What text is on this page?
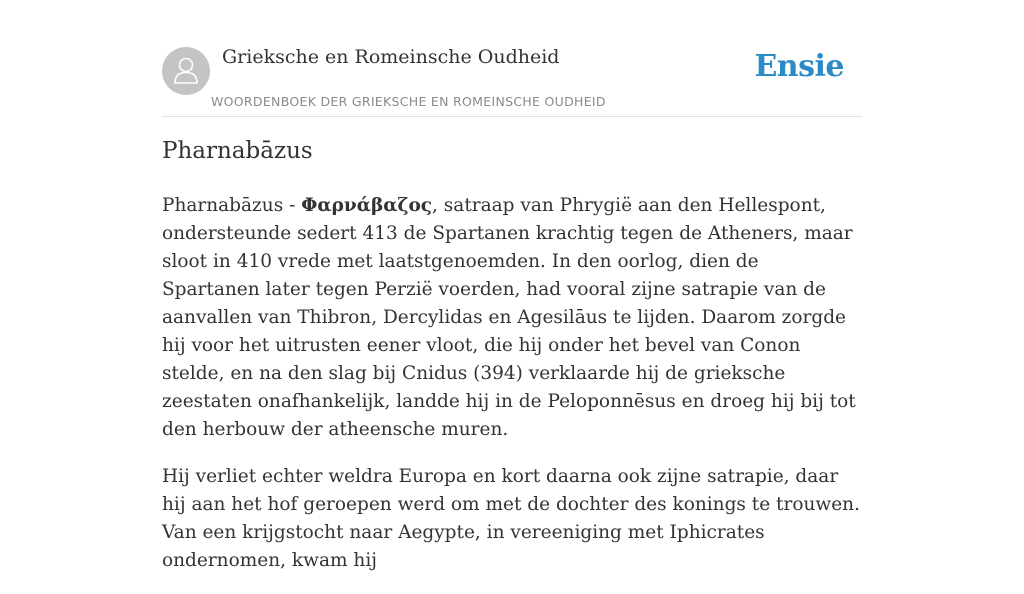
Grieksche en Romeinsche Oudheid
WOORDENBOEK DER GRIEKSCHE EN ROMEINSCHE OUDHEID
Ensie
Pharnabāzus

Pharnabāzus - Φαρνάβαζος, satraap van Phrygië aan den Hellespont, ondersteunde sedert 413 de Spartanen krachtig tegen de Atheners, maar sloot in 410 vrede met laatstgenoemden. In den oorlog, dien de Spartanen later tegen Perzië voerden, had vooral zijne satrapie van de aanvallen van Thibron, Dercylidas en Agesilāus te lijden. Daarom zorgde hij voor het uitrusten eener vloot, die hij onder het bevel van Conon stelde, en na den slag bij Cnidus (394) verklaarde hij de grieksche zeestaten onafhankelijk, landde hij in de Peloponnēsus en droeg hij bij tot den herbouw der atheensche muren.

Hij verliet echter weldra Europa en kort daarna ook zijne satrapie, daar hij aan het hof geroepen werd om met de dochter des konings te trouwen. Van een krijgstocht naar Aegypte, in vereeniging met Iphicrates ondernomen, kwam hij
